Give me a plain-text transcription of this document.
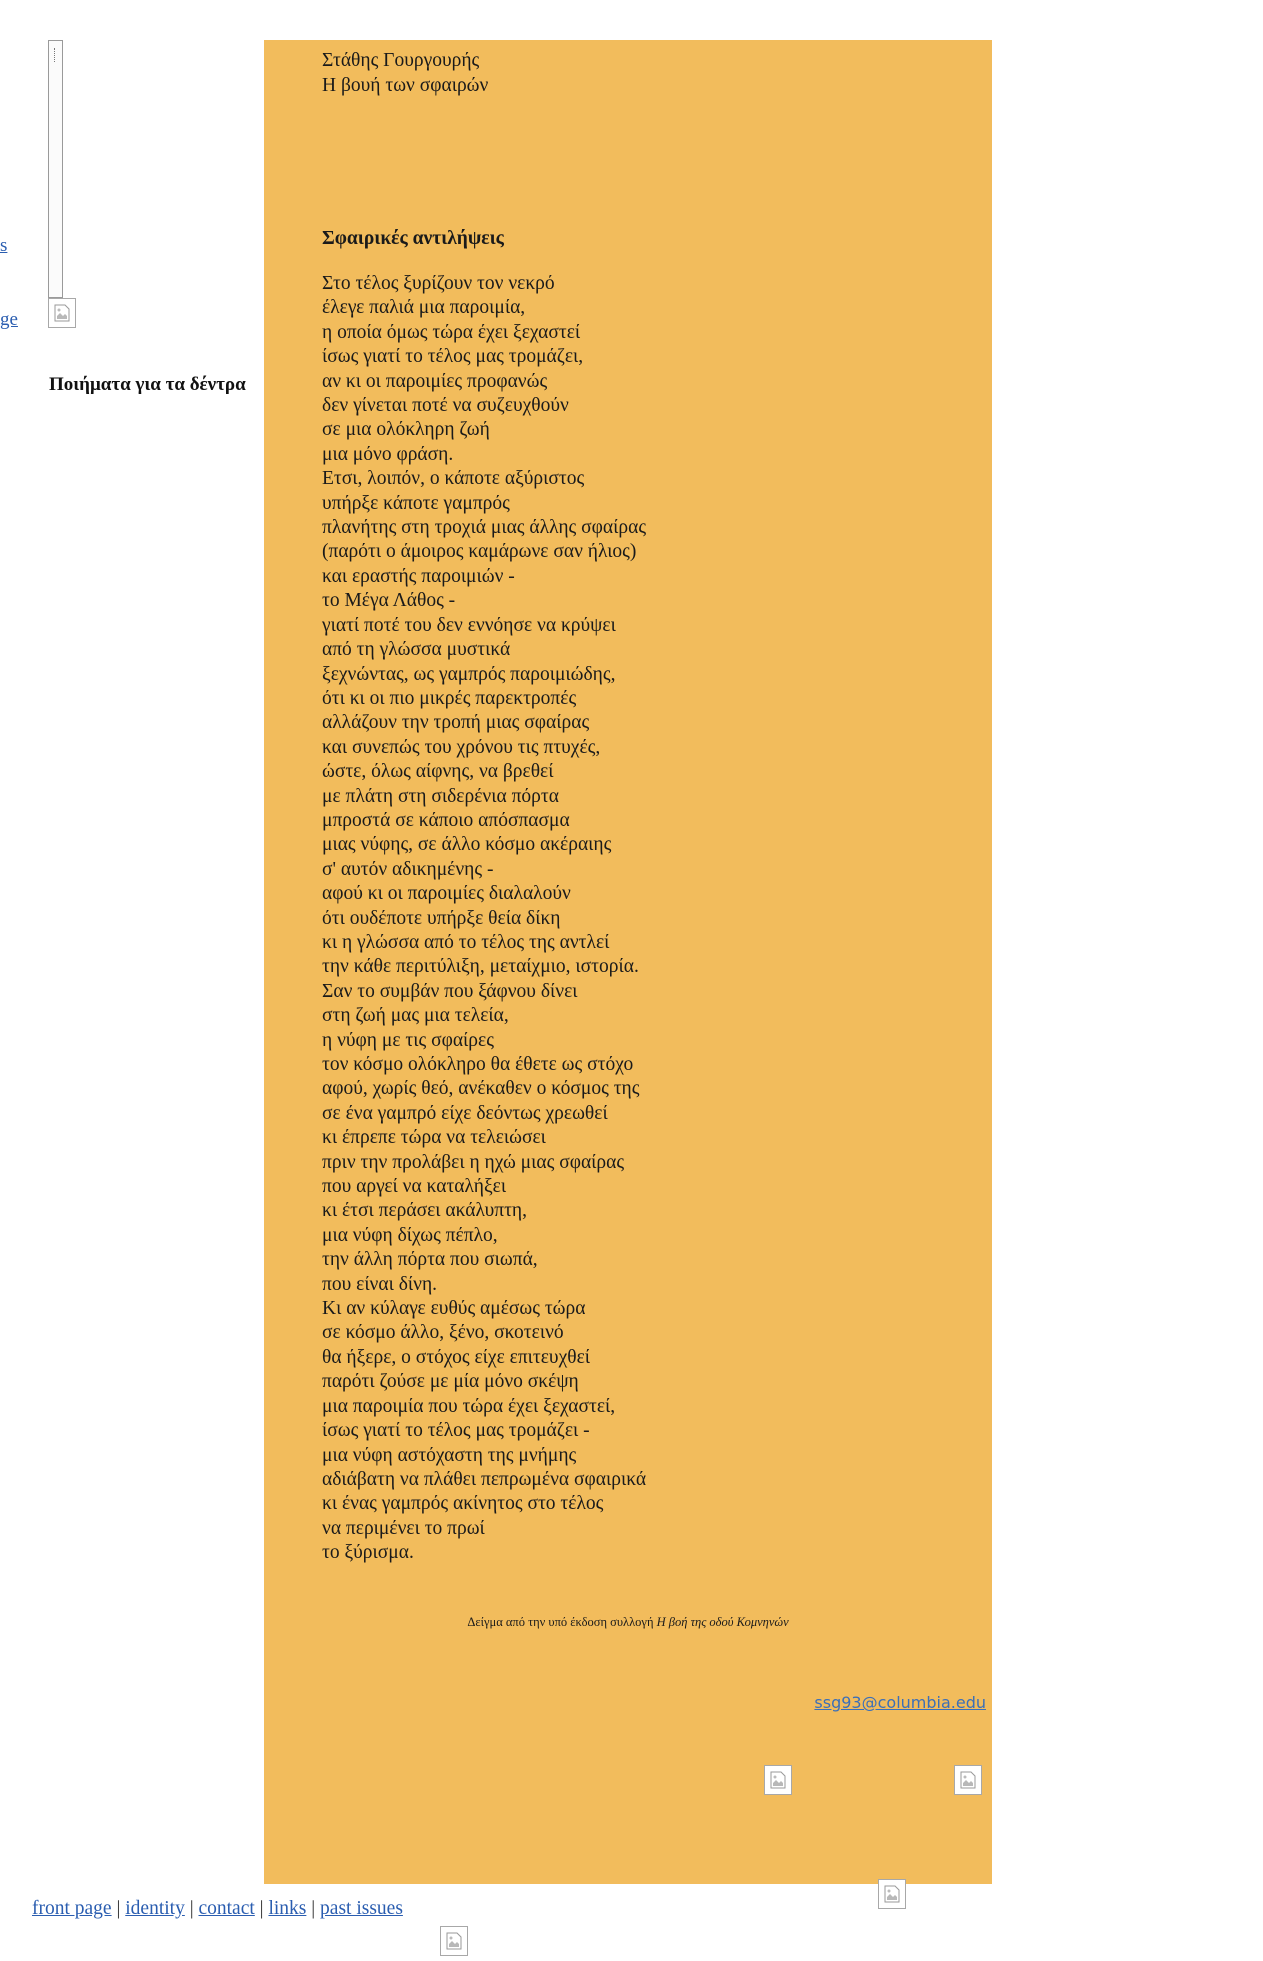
s
ge
Ποιήματα για τα δέντρα
Στάθης Γουργουρής
Η βουή των σφαιρών
Σφαιρικές αντιλήψεις
Στο τέλος ξυρίζουν τον νεκρό
έλεγε παλιά μια παροιμία,
η οποία όμως τώρα έχει ξεχαστεί
ίσως γιατί το τέλος μας τρομάζει,
αν κι οι παροιμίες προφανώς
δεν γίνεται ποτέ να συζευχθούν
σε μια ολόκληρη ζωή
μια μόνο φράση.
Ετσι, λοιπόν, ο κάποτε αξύριστος
υπήρξε κάποτε γαμπρός
πλανήτης στη τροχιά μιας άλλης σφαίρας
(παρότι ο άμοιρος καμάρωνε σαν ήλιος)
και εραστής παροιμιών -
το Μέγα Λάθος -
γιατί ποτέ του δεν εννόησε να κρύψει
από τη γλώσσα μυστικά
ξεχνώντας, ως γαμπρός παροιμιώδης,
ότι κι οι πιο μικρές παρεκτροπές
αλλάζουν την τροπή μιας σφαίρας
και συνεπώς του χρόνου τις πτυχές,
ώστε, όλως αίφνης, να βρεθεί
με πλάτη στη σιδερένια πόρτα
μπροστά σε κάποιο απόσπασμα
μιας νύφης, σε άλλο κόσμο ακέραιης
σ' αυτόν αδικημένης -
αφού κι οι παροιμίες διαλαλούν
ότι ουδέποτε υπήρξε θεία δίκη
κι η γλώσσα από το τέλος της αντλεί
την κάθε περιτύλιξη, μεταίχμιο, ιστορία.
Σαν το συμβάν που ξάφνου δίνει
στη ζωή μας μια τελεία,
η νύφη με τις σφαίρες
τον κόσμο ολόκληρο θα έθετε ως στόχο
αφού, χωρίς θεό, ανέκαθεν ο κόσμος της
σε ένα γαμπρό είχε δεόντως χρεωθεί
κι έπρεπε τώρα να τελειώσει
πριν την προλάβει η ηχώ μιας σφαίρας
που αργεί να καταλήξει
κι έτσι περάσει ακάλυπτη,
μια νύφη δίχως πέπλο,
την άλλη πόρτα που σιωπά,
που είναι δίνη.
Κι αν κύλαγε ευθύς αμέσως τώρα
σε κόσμο άλλο, ξένο, σκοτεινό
θα ήξερε, ο στόχος είχε επιτευχθεί
παρότι ζούσε με μία μόνο σκέψη
μια παροιμία που τώρα έχει ξεχαστεί,
ίσως γιατί το τέλος μας τρομάζει -
μια νύφη αστόχαστη της μνήμης
αδιάβατη να πλάθει πεπρωμένα σφαιρικά
κι ένας γαμπρός ακίνητος στο τέλος
να περιμένει το πρωί
το ξύρισμα.
Δείγμα από την υπό έκδοση συλλογή Η βοή της οδού Κομνηνών
ssg93@columbia.edu
front page | identity | contact | links | past issues
